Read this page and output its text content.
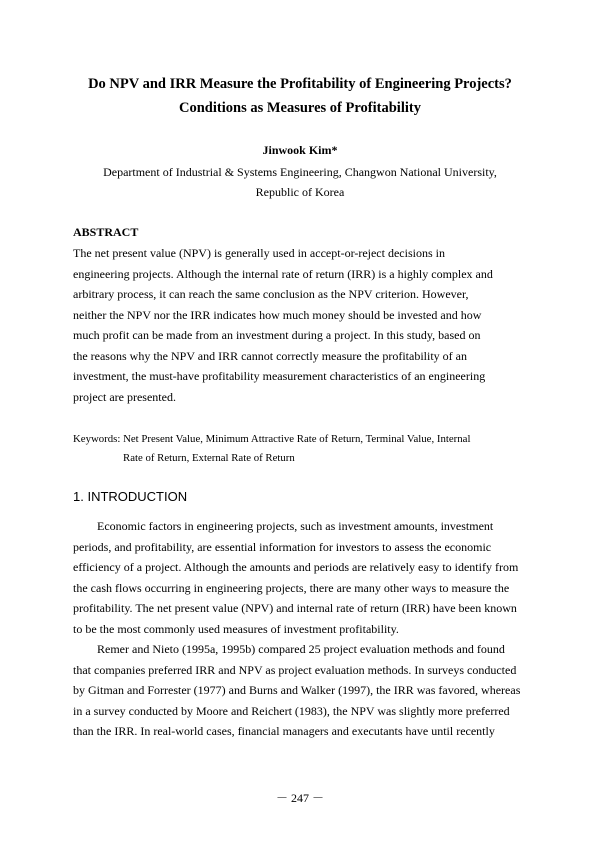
Do NPV and IRR Measure the Profitability of Engineering Projects?
Conditions as Measures of Profitability
Jinwook Kim*
Department of Industrial & Systems Engineering, Changwon National University,
Republic of Korea
ABSTRACT
The net present value (NPV) is generally used in accept-or-reject decisions in
engineering projects. Although the internal rate of return (IRR) is a highly complex and
arbitrary process, it can reach the same conclusion as the NPV criterion. However,
neither the NPV nor the IRR indicates how much money should be invested and how
much profit can be made from an investment during a project. In this study, based on
the reasons why the NPV and IRR cannot correctly measure the profitability of an
investment, the must-have profitability measurement characteristics of an engineering
project are presented.
Keywords: Net Present Value, Minimum Attractive Rate of Return, Terminal Value, Internal
Rate of Return, External Rate of Return
1. INTRODUCTION

Economic factors in engineering projects, such as investment amounts, investment

periods, and profitability, are essential information for investors to assess the economic
efficiency of a project. Although the amounts and periods are relatively easy to identify from
the cash flows occurring in engineering projects, there are many other ways to measure the
profitability. The net present value (NPV) and internal rate of return (IRR) have been known
to be the most commonly used measures of investment profitability.

Remer and Nieto (1995a, 1995b) compared 25 project evaluation methods and found

that companies preferred IRR and NPV as project evaluation methods. In surveys conducted
by Gitman and Forrester (1977) and Burns and Walker (1997), the IRR was favored, whereas
in a survey conducted by Moore and Reichert (1983), the NPV was slightly more preferred
than the IRR. In real-world cases, financial managers and executants have until recently
－ 247 －
